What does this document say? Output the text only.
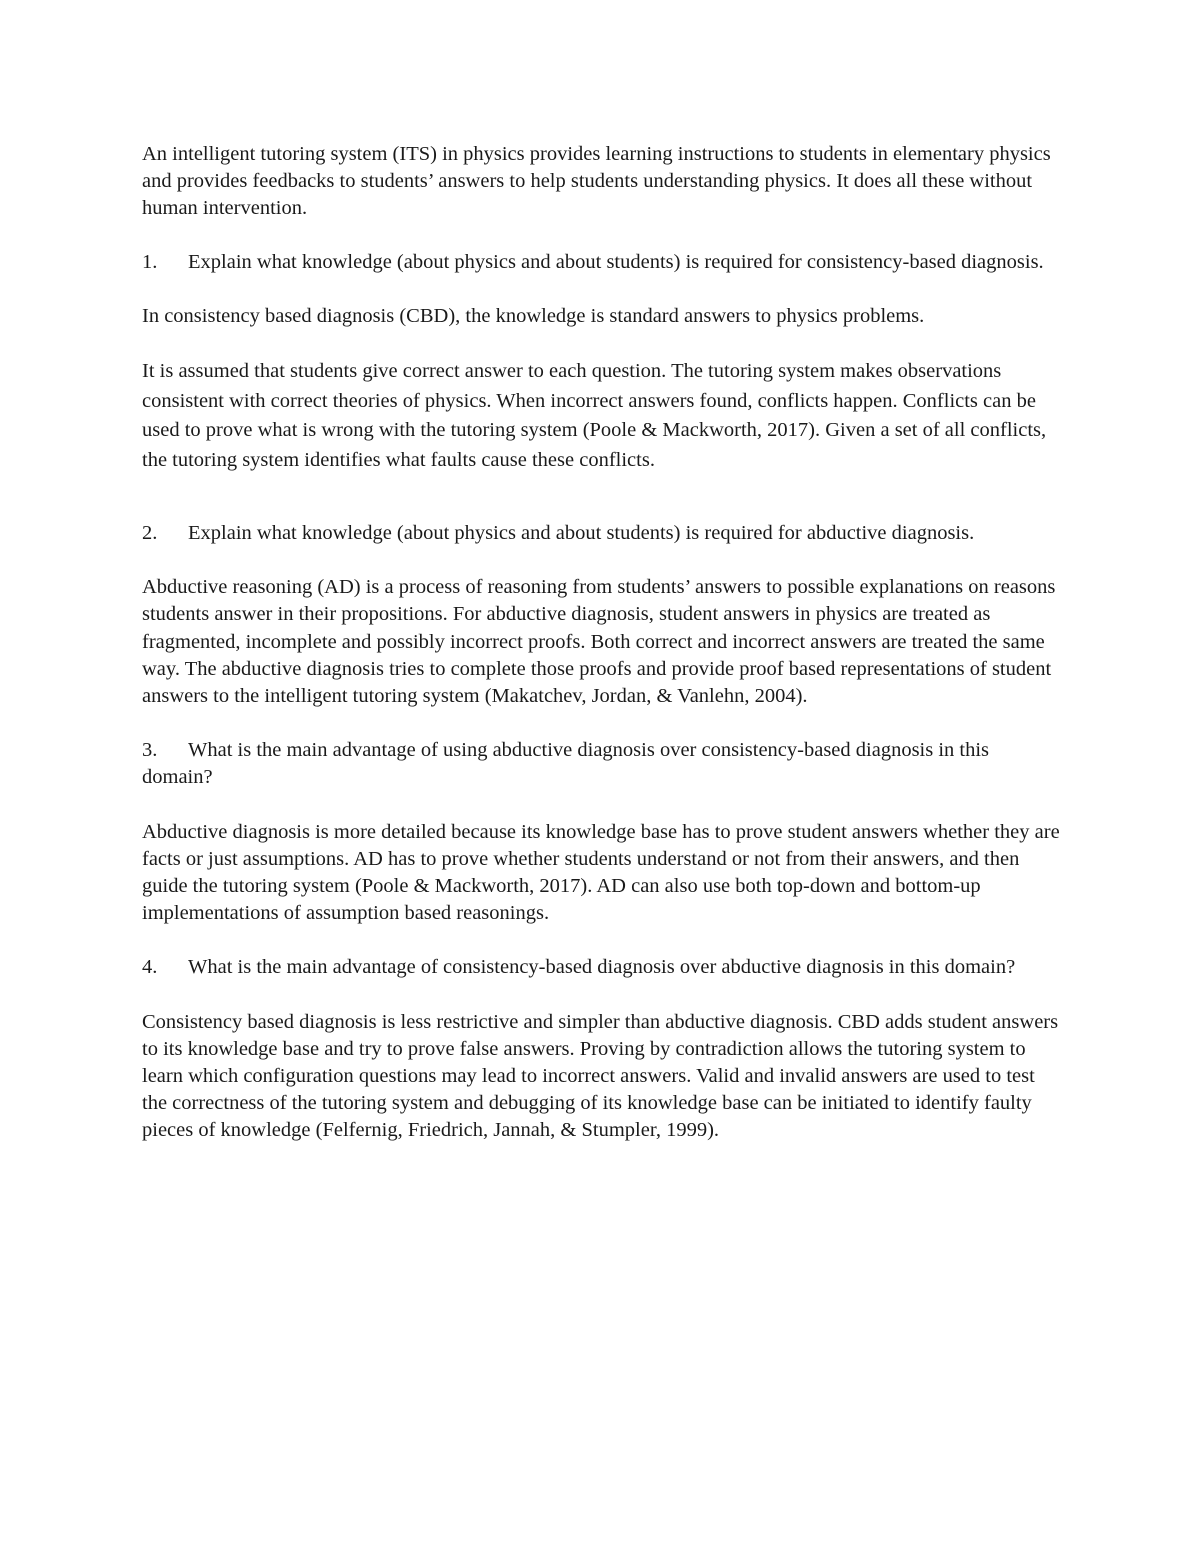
An intelligent tutoring system (ITS) in physics provides learning instructions to students in elementary physics and provides feedbacks to students’ answers to help students understanding physics. It does all these without human intervention.

1. Explain what knowledge (about physics and about students) is required for consistency-based diagnosis.

In consistency based diagnosis (CBD), the knowledge is standard answers to physics problems.

It is assumed that students give correct answer to each question. The tutoring system makes observations consistent with correct theories of physics. When incorrect answers found, conflicts happen. Conflicts can be used to prove what is wrong with the tutoring system (Poole & Mackworth, 2017). Given a set of all conflicts, the tutoring system identifies what faults cause these conflicts.

2. Explain what knowledge (about physics and about students) is required for abductive diagnosis.

Abductive reasoning (AD) is a process of reasoning from students’ answers to possible explanations on reasons students answer in their propositions. For abductive diagnosis, student answers in physics are treated as fragmented, incomplete and possibly incorrect proofs. Both correct and incorrect answers are treated the same way. The abductive diagnosis tries to complete those proofs and provide proof based representations of student answers to the intelligent tutoring system (Makatchev, Jordan, & Vanlehn, 2004).

3. What is the main advantage of using abductive diagnosis over consistency-based diagnosis in this domain?

Abductive diagnosis is more detailed because its knowledge base has to prove student answers whether they are facts or just assumptions. AD has to prove whether students understand or not from their answers, and then guide the tutoring system (Poole & Mackworth, 2017). AD can also use both top-down and bottom-up implementations of assumption based reasonings.

4. What is the main advantage of consistency-based diagnosis over abductive diagnosis in this domain?

Consistency based diagnosis is less restrictive and simpler than abductive diagnosis. CBD adds student answers to its knowledge base and try to prove false answers. Proving by contradiction allows the tutoring system to learn which configuration questions may lead to incorrect answers. Valid and invalid answers are used to test the correctness of the tutoring system and debugging of its knowledge base can be initiated to identify faulty pieces of knowledge (Felfernig, Friedrich, Jannah, & Stumpler, 1999).
